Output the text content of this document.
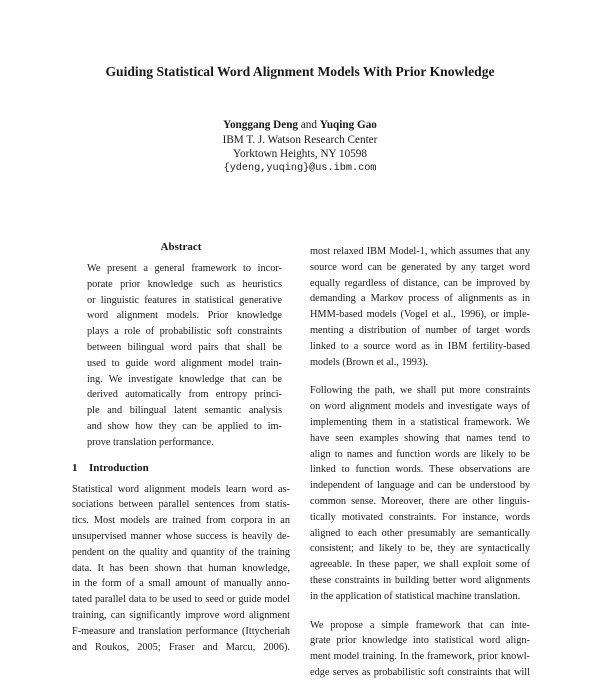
Guiding Statistical Word Alignment Models With Prior Knowledge
Yonggang Deng and Yuqing Gao
IBM T. J. Watson Research Center
Yorktown Heights, NY 10598
{ydeng,yuqing}@us.ibm.com
Abstract
We present a general framework to incor-
porate prior knowledge such as heuristics
or linguistic features in statistical generative
word alignment models. Prior knowledge
plays a role of probabilistic soft constraints
between bilingual word pairs that shall be
used to guide word alignment model train-
ing. We investigate knowledge that can be
derived automatically from entropy princi-
ple and bilingual latent semantic analysis
and show how they can be applied to im-
prove translation performance.
1 Introduction
Statistical word alignment models learn word as-
sociations between parallel sentences from statis-
tics. Most models are trained from corpora in an
unsupervised manner whose success is heavily de-
pendent on the quality and quantity of the training
data. It has been shown that human knowledge,
in the form of a small amount of manually anno-
tated parallel data to be used to seed or guide model
training, can significantly improve word alignment
F-measure and translation performance (Ittycheriah
and Roukos, 2005; Fraser and Marcu, 2006).
most relaxed IBM Model-1, which assumes that any
source word can be generated by any target word
equally regardless of distance, can be improved by
demanding a Markov process of alignments as in
HMM-based models (Vogel et al., 1996), or imple-
menting a distribution of number of target words
linked to a source word as in IBM fertility-based
models (Brown et al., 1993).
Following the path, we shall put more constraints
on word alignment models and investigate ways of
implementing them in a statistical framework. We
have seen examples showing that names tend to
align to names and function words are likely to be
linked to function words. These observations are
independent of language and can be understood by
common sense. Moreover, there are other linguis-
tically motivated constraints. For instance, words
aligned to each other presumably are semantically
consistent; and likely to be, they are syntactically
agreeable. In these paper, we shall exploit some of
these constraints in building better word alignments
in the application of statistical machine translation.
We propose a simple framework that can inte-
grate prior knowledge into statistical word align-
ment model training. In the framework, prior knowl-
edge serves as probabilistic soft constraints that will
